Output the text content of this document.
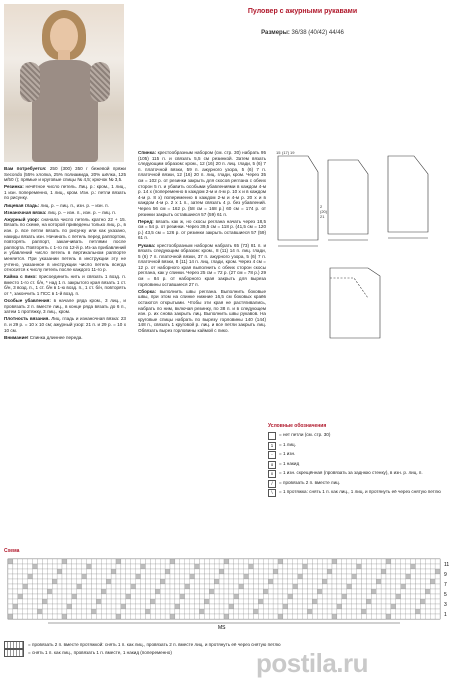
Пуловер с ажурными рукавами
Размеры: 36/38 (40/42) 44/46

Вам потребуется: 250 (300) 350 г бежевой пряжи Secondo (55% хлопка, 25% полиамида, 20% шёлка, 125 м/50 г); прямые и круговые спицы № 4,5; крючок № 3,5.

Резинка: нечётное число петель. Лиц. р.: кром., 1 лиц., 1 изн. попеременно, 1 лиц., кром. Изн. р.: петли вязать по рисунку.

Лицевая гладь: лиц. р. – лиц. п., изн. р. – изн. п.

Изнаночная вязка: лиц. р. – изн. п., изн. р. – лиц. п.

Ажурный узор: сначала число петель кратно 22 + 15. Вязать по схеме, на которой приведены только лиц. р., в изн. р. все петли вязать по рисунку или как указано, накиды вязать изн. Начинать с петель перед раппортом, повторять раппорт, заканчивать петлями после раппорта. Повторять с 1-го по 12-й р. Из-за прибавлений и убавлений число петель в вертикальном раппорте меняется. При указании петель в инструкции эту не учтено, указанное в инструкции число петель всегда относится к числу петель после каждого 11-го р.

Кайма с пико: присоединить нить и связать 1 возд. п. вместо 1-го ст. б/н, * над 1 п. закрытого края вязать 1 ст. б/н, 3 возд. п., 1 ст. б/н в 1-ю возд. п., 1 ст. б/н, повторять от *, закончить 1 ПСС в 1-й возд. п.

Особые убавления: в начале ряда кром., 3 лиц., и провязать 2 п. вместе лиц., в конце ряда вязать до 6 п., затем 1 протяжку, 3 лиц., кром.

Плотность вязания. Лиц. гладь и изнаночная вязка: 23 п. и 29 р. = 10 х 10 см; ажурный узор: 21 п. и 29 р. = 10 х 10 см.

Внимание! Спинка длиннее переда.

Спинка: крестообразным набором (см. стр. 30) набрать 95 (105) 115 п. и связать 5,5 см резинкой. Затем вязать следующим образом: кром., 12 (16) 20 п. лиц. глади, 5 (6) 7 п. платочной вязки, 59 п. ажурного узора, 5 (6) 7 п. платочной вязки, 12 (16) 20 п. лиц. глади, кром. Через 35 см = 102 р. от резинки закрыть для скосов реглана с обеих сторон 5 п. и убавить особыми убавлениями в каждом 4-м р. 14 х (попеременно в каждом 2-м и 4-м р. 10 х и в каждом 4-м р. 8 х) попеременно в каждом 2-м и 4-м р. 20 х и в каждом 4-м р. 2 х 1 п., затем связать 4 р. без убавлений. Через 56 см = 162 р. (58 см = 168 р.) 60 см = 174 р. от резинки закрыть оставшиеся 57 (59) 61 п.

Перед: вязать как ж, но скосы реглана начать через 18,5 см = 54 р. от резинки. Через 39,5 см = 118 р. (41,5 см = 120 р.) 43,5 см = 126 р. от резинки закрыть оставшиеся 57 (59) 61 п.

Рукава: крестообразным набором набрать 65 (73) 81 п. и вязать следующим образом: кром., 8 (11) 14 п. лиц. глади, 5 (6) 7 п. платочной вязки, 37 п. ажурного узора, 5 (6) 7 п. платочной вязки, 8 (11) 14 п. лиц. глади, кром. Через 4 см = 12 р. от наборного края выполнить с обеих сторон скосы реглана, как у спинки. Через 25 см = 72 р. (27 см = 78 р.) 29 см = 84 р. от наборного края закрыть для выреза горловины оставшиеся 27 п.

Сборка: выполнить швы реглана. Выполнить боковые швы, при этом на спинке нижние 16,5 см боковых краёв остаются открытыми. Чтобы эти края не растягивались, набрать по ним, включая резинку, по 38 п. и в следующем изн. р. их снова закрыть лиц. Выполнить швы рукавов. На круговые спицы набрать по вырезу горловины 140 (144) 148 п., связать 1 круговой р. лиц. и все петли закрыть лиц. Обвязать вырез горловины каймой с пико.

15 (17) 19
2
(20)
21
Условные обозначения
= нет петли (см. стр. 30)
1	= 1 лиц.
-	= 1 изн.
о	= 1 накид
х	= 1 изн. скрещённая (провязать за заднюю стенку), в изн. р. лиц. п.
/	= провязать 2 п. вместе лиц.
\	= 1 протяжка: снять 1 п. как лиц., 1 лиц. и протянуть её через снятую петлю
Схема
11
9
7
5
3
1
MS
= провязать 2 п. вместе протяжкой: снять 1 п. как лиц., провязать 2 п. вместе лиц. и протянуть её через снятую петлю
= снять 1 п. как лиц., провязать 1 п. вместе, 1 накид (попеременно)	postila.ru
